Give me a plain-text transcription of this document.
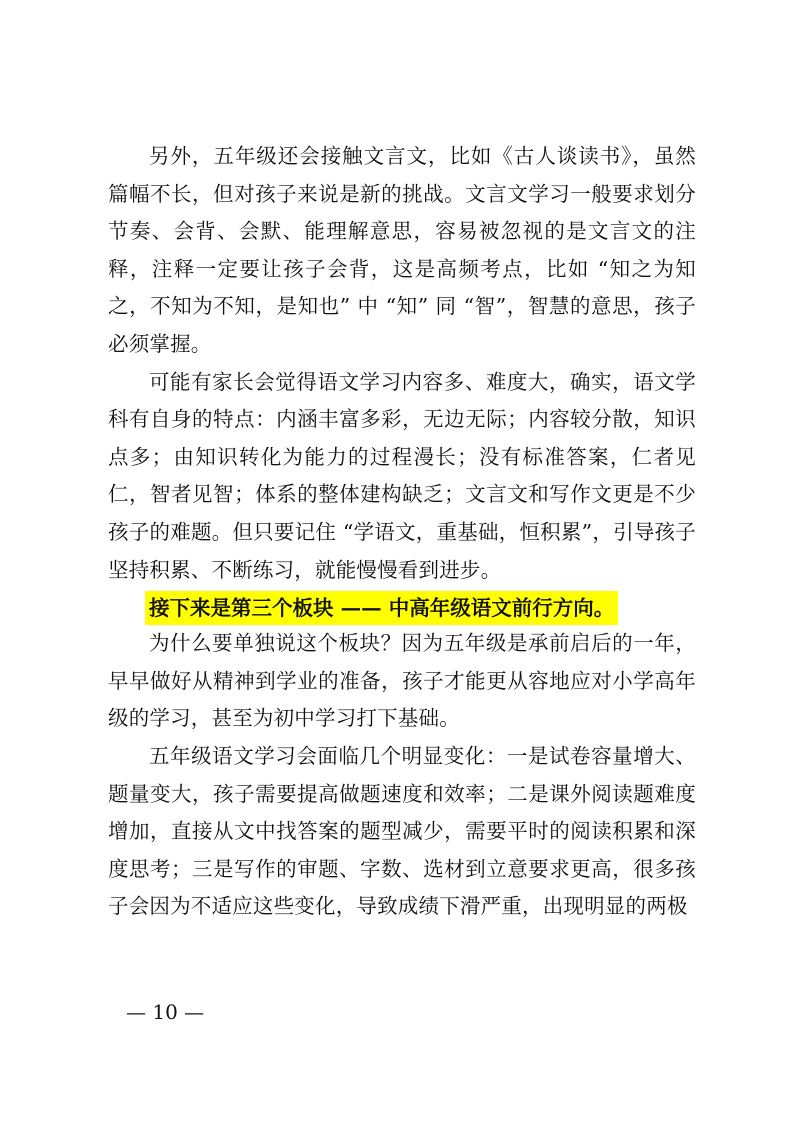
另外，五年级还会接触文言文，比如《古人谈读书》，虽然篇幅不长，但对孩子来说是新的挑战。文言文学习一般要求划分节奏、会背、会默、能理解意思，容易被忽视的是文言文的注释，注释一定要让孩子会背，这是高频考点，比如 “知之为知之，不知为不知，是知也” 中 “知” 同 “智”，智慧的意思，孩子必须掌握。

可能有家长会觉得语文学习内容多、难度大，确实，语文学科有自身的特点：内涵丰富多彩，无边无际；内容较分散，知识点多；由知识转化为能力的过程漫长；没有标准答案，仁者见仁，智者见智；体系的整体建构缺乏；文言文和写作文更是不少孩子的难题。但只要记住 “学语文，重基础，恒积累”，引导孩子坚持积累、不断练习，就能慢慢看到进步。

接下来是第三个板块 —— 中高年级语文前行方向。

为什么要单独说这个板块？因为五年级是承前启后的一年，早早做好从精神到学业的准备，孩子才能更从容地应对小学高年级的学习，甚至为初中学习打下基础。

五年级语文学习会面临几个明显变化：一是试卷容量增大、题量变大，孩子需要提高做题速度和效率；二是课外阅读题难度增加，直接从文中找答案的题型减少，需要平时的阅读积累和深度思考；三是写作的审题、字数、选材到立意要求更高，很多孩子会因为不适应这些变化，导致成绩下滑严重，出现明显的两极

— 10 —
